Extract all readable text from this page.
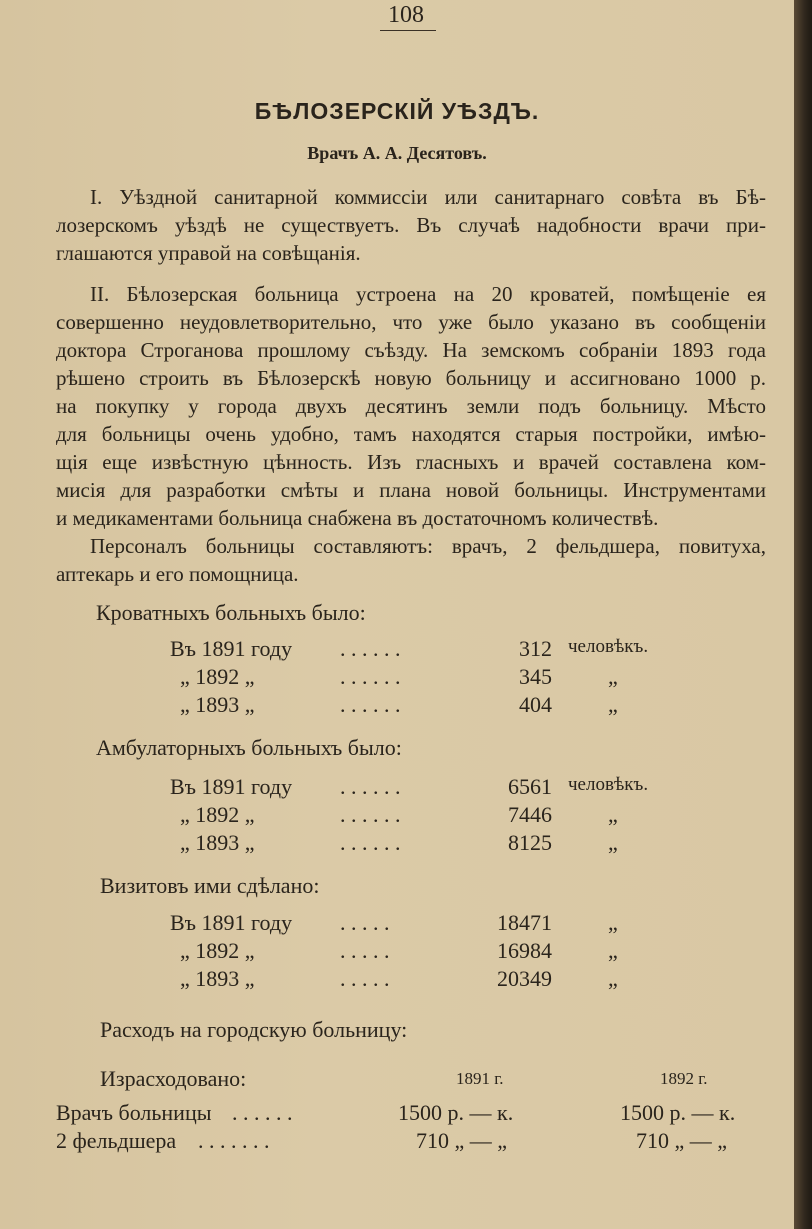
108
БѢЛОЗЕРСКІЙ УѢЗДЪ.
Врачъ А. А. Десятовъ.
I. Уѣздной санитарной коммиссіи или санитарнаго совѣта въ Бѣ-
лозерскомъ уѣздѣ не существуетъ. Въ случаѣ надобности врачи при-
глашаются управой на совѣщанія.
II. Бѣлозерская больница устроена на 20 кроватей, помѣщеніе ея
совершенно неудовлетворительно, что уже было указано въ сообщеніи
доктора Строганова прошлому съѣзду. На земскомъ собраніи 1893 года
рѣшено строить въ Бѣлозерскѣ новую больницу и ассигновано 1000 р.
на покупку у города двухъ десятинъ земли подъ больницу. Мѣсто
для больницы очень удобно, тамъ находятся старыя постройки, имѣю-
щія еще извѣстную цѣнность. Изъ гласныхъ и врачей составлена ком-
мисія для разработки смѣты и плана новой больницы. Инструментами
и медикаментами больница снабжена въ достаточномъ количествѣ.
Персоналъ больницы составляютъ: врачъ, 2 фельдшера, повитуха,
аптекарь и его помощница.
Кроватныхъ больныхъ было:
Въ 1891 году . . . . . .	312 человѣкъ.
„ 1892 „	. . . . . .	345	„
„ 1893 „	. . . . . .	404	„
Амбулаторныхъ больныхъ было:
Въ 1891 году . . . . . .	6561 человѣкъ.
„ 1892 „	. . . . . .	7446	„
„ 1893 „	. . . . . .	8125	„
Визитовъ ими сдѣлано:
Въ 1891 году . . . . .	18471	„
„ 1892 „	. . . . .	16984	„
„ 1893 „	. . . . .	20349	„
Расходъ на городскую больницу:
Израсходовано:	1891 г.	1892 г.
Врачъ больницы . . . . . .	1500 р. — к.	1500 р. — к.
2 фельдшера . . . . . . .	710 „ — „	710 „ — „
